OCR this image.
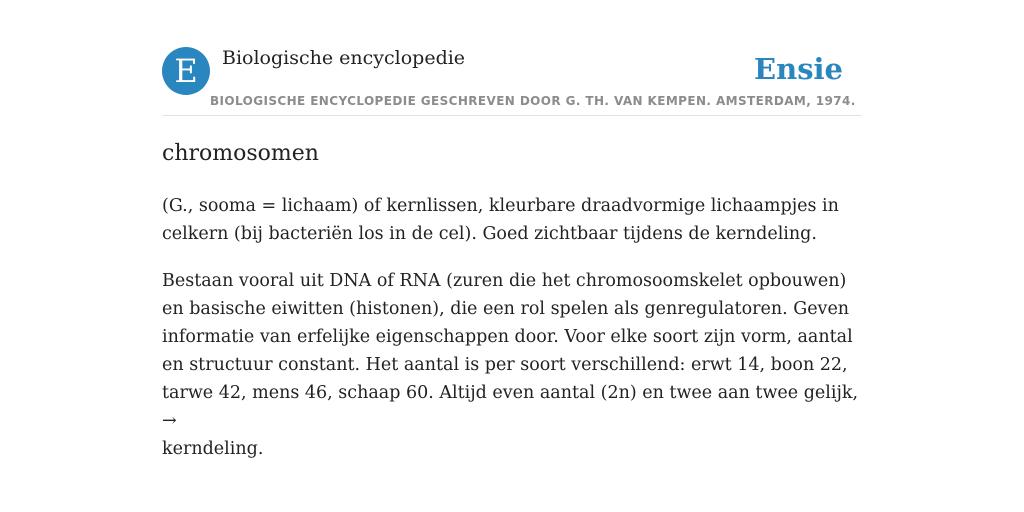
E	Biologische encyclopedie	Ensie
BIOLOGISCHE ENCYCLOPEDIE GESCHREVEN DOOR G. TH. VAN KEMPEN. AMSTERDAM, 1974.
chromosomen

(G., sooma = lichaam) of kernlissen, kleurbare draadvormige lichaampjes in celkern (bij bacteriën los in de cel). Goed zichtbaar tijdens de kerndeling.

Bestaan vooral uit DNA of RNA (zuren die het chromosoomskelet opbouwen) en basische eiwitten (histonen), die een rol spelen als genregulatoren. Geven informatie van erfelijke eigenschappen door. Voor elke soort zijn vorm, aantal en structuur constant. Het aantal is per soort verschillend: erwt 14, boon 22, tarwe 42, mens 46, schaap 60. Altijd even aantal (2n) en twee aan twee gelijk, →
kerndeling.
